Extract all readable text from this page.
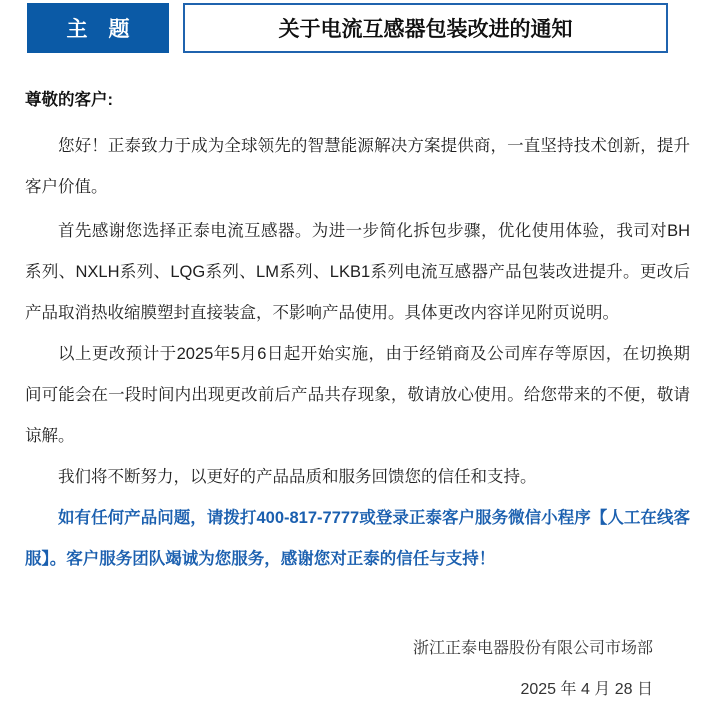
主　题	关于电流互感器包装改进的通知

尊敬的客户:

您好！正泰致力于成为全球领先的智慧能源解决方案提供商，一直坚持技术创新，提升客户价值。

首先感谢您选择正泰电流互感器。为进一步简化拆包步骤，优化使用体验，我司对BH系列、NXLH系列、LQG系列、LM系列、LKB1系列电流互感器产品包装改进提升。更改后产品取消热收缩膜塑封直接装盒，不影响产品使用。具体更改内容详见附页说明。

以上更改预计于2025年5月6日起开始实施，由于经销商及公司库存等原因，在切换期间可能会在一段时间内出现更改前后产品共存现象，敬请放心使用。给您带来的不便，敬请谅解。

我们将不断努力，以更好的产品品质和服务回馈您的信任和支持。

如有任何产品问题，请拨打400-817-7777或登录正泰客户服务微信小程序【人工在线客服】。客户服务团队竭诚为您服务，感谢您对正泰的信任与支持！

浙江正泰电器股份有限公司市场部
2025 年 4 月 28 日
